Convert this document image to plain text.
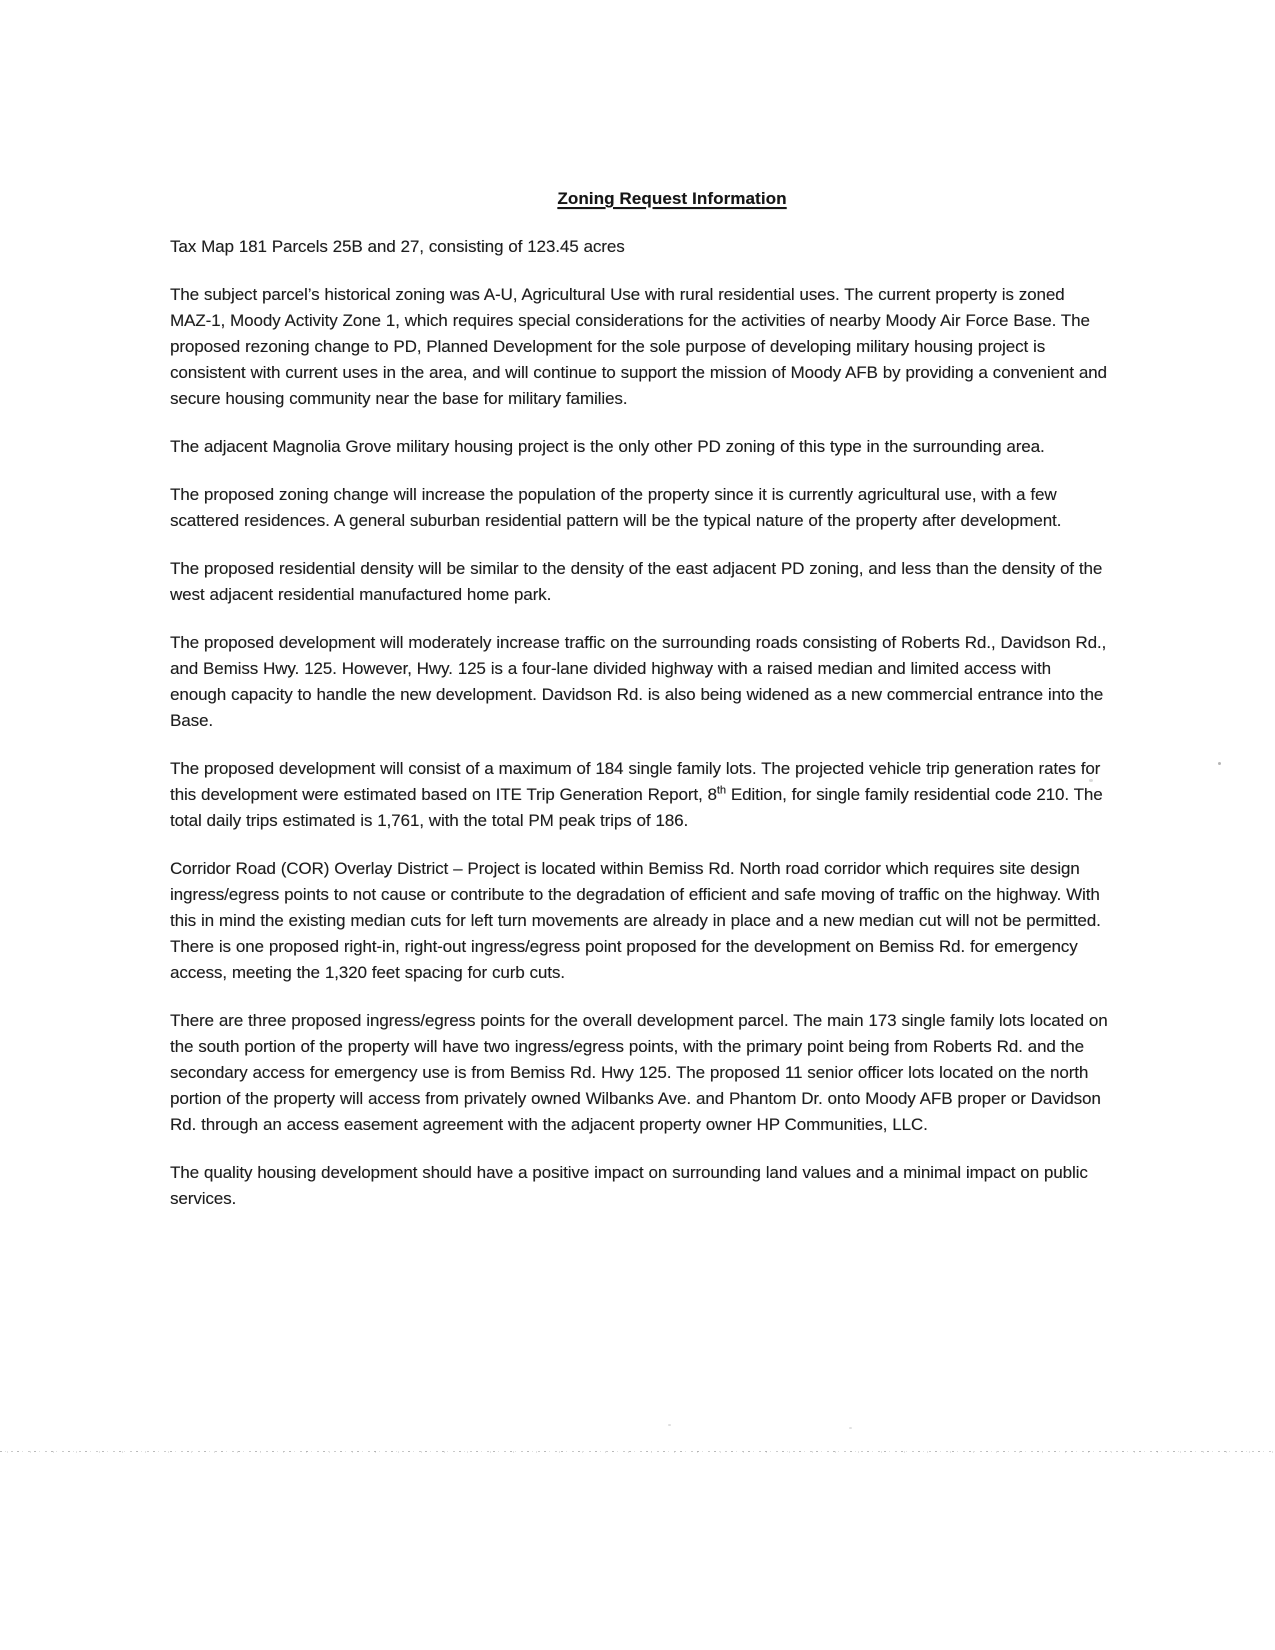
Zoning Request Information

Tax Map 181 Parcels 25B and 27, consisting of 123.45 acres

The subject parcel’s historical zoning was A-U, Agricultural Use with rural residential uses. The current property is zoned MAZ-1, Moody Activity Zone 1, which requires special considerations for the activities of nearby Moody Air Force Base. The proposed rezoning change to PD, Planned Development for the sole purpose of developing military housing project is consistent with current uses in the area, and will continue to support the mission of Moody AFB by providing a convenient and secure housing community near the base for military families.

The adjacent Magnolia Grove military housing project is the only other PD zoning of this type in the surrounding area.

The proposed zoning change will increase the population of the property since it is currently agricultural use, with a few scattered residences. A general suburban residential pattern will be the typical nature of the property after development.

The proposed residential density will be similar to the density of the east adjacent PD zoning, and less than the density of the west adjacent residential manufactured home park.

The proposed development will moderately increase traffic on the surrounding roads consisting of Roberts Rd., Davidson Rd., and Bemiss Hwy. 125. However, Hwy. 125 is a four-lane divided highway with a raised median and limited access with enough capacity to handle the new development. Davidson Rd. is also being widened as a new commercial entrance into the Base.

The proposed development will consist of a maximum of 184 single family lots. The projected vehicle trip generation rates for this development were estimated based on ITE Trip Generation Report, 8th Edition, for single family residential code 210. The total daily trips estimated is 1,761, with the total PM peak trips of 186.

Corridor Road (COR) Overlay District – Project is located within Bemiss Rd. North road corridor which requires site design ingress/egress points to not cause or contribute to the degradation of efficient and safe moving of traffic on the highway. With this in mind the existing median cuts for left turn movements are already in place and a new median cut will not be permitted. There is one proposed right-in, right-out ingress/egress point proposed for the development on Bemiss Rd. for emergency access, meeting the 1,320 feet spacing for curb cuts.

There are three proposed ingress/egress points for the overall development parcel. The main 173 single family lots located on the south portion of the property will have two ingress/egress points, with the primary point being from Roberts Rd. and the secondary access for emergency use is from Bemiss Rd. Hwy 125. The proposed 11 senior officer lots located on the north portion of the property will access from privately owned Wilbanks Ave. and Phantom Dr. onto Moody AFB proper or Davidson Rd. through an access easement agreement with the adjacent property owner HP Communities, LLC.

The quality housing development should have a positive impact on surrounding land values and a minimal impact on public services.
